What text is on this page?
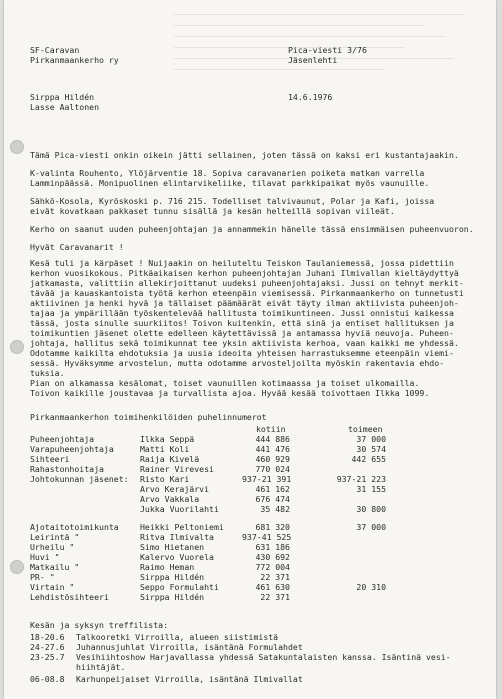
SF-Caravan
Pirkanmaankerho ry
Pica-viesti 3/76
Jäsenlehti
Sirppa Hildén
Lasse Aaltonen
14.6.1976
Tämä Pica-viesti onkin oikein jätti sellainen, joten tässä on kaksi eri kustantajaakin.
K-valinta Rouhento, Ylöjärventie 18. Sopiva caravanarien poiketa matkan varrella
Lamminpäässä. Monipuolinen elintarvikeliike, tilavat parkkipaikat myös vaunuille.
Sähkö-Kosola, Kyröskoski p. 716 215. Todelliset talvivaunut, Polar ja Kafi, joissa
eivät kovatkaan pakkaset tunnu sisällä ja kesän helteillä sopivan viileät.
Kerho on saanut uuden puheenjohtajan ja annammekin hänelle tässä ensimmäisen puheenvuoron.
Hyvät Caravanarit !
Kesä tuli ja kärpäset ! Nuijaakin on heiluteltu Teiskon Taulaniemessä, jossa pidettiin
kerhon vuosikokous. Pitkäaikaisen kerhon puheenjohtajan Juhani Ilmivallan kieltäydyttyä
jatkamasta, valittiin allekirjoittanut uudeksi puheenjohtajaksi. Jussi on tehnyt merkit-
tävää ja kauaskantoista työtä kerhon eteenpäin viemisessä. Pirkanmaankerho on tunnetusti
aktiivinen ja henki hyvä ja tällaiset päämäärät eivät täyty ilman aktiivista puheenjoh-
tajaa ja ympärillään työskentelevää hallitusta toimikuntineen. Jussi onnistui kaikessa
tässä, josta sinulle suurkiitos! Toivon kuitenkin, että sinä ja entiset hallituksen ja
toimikuntien jäsenet olette edelleen käytettävissä ja antamassa hyviä neuvoja. Puheen-
johtaja, hallitus sekä toimikunnat tee yksin aktiivista kerhoa, vaan kaikki me yhdessä.
Odotamme kaikilta ehdotuksia ja uusia ideoita yhteisen harrastuksemme eteenpäin viemi-
sessä. Hyväksymme arvostelun, mutta odotamme arvosteljoilta myöskin rakentavia ehdo-
tuksia.
Pian on alkamassa kesälomat, toiset vaunuillen kotimaassa ja toiset ulkomailla.
Toivon kaikille joustavaa ja turvallista ajoa. Hyvää kesää toivottaen Ilkka 1099.
Pirkanmaankerhon toimihenkilöiden puhelinnumerot
kotiin	toimeen
Puheenjohtaja	Ilkka Seppä	444 886	37 000
Varapuheenjohtaja	Matti Koli	441 476	30 574
Sihteeri	Raija Kivelä	460 929	442 655
Rahastonhoitaja	Rainer Virevesi	770 024
Johtokunnan jäsenet: Risto Kari	937-21 391	937-21 223
Arvo Kerajärvi	461 162	31 155
Arvo Vakkala	676 474
Jukka Vuorilahti	35 482	30 800
Ajotaitotoimikunta	Heikki Peltoniemi	681 320	37 000
Leirintä "	Ritva Ilmivalta	937-41 525
Urheilu "	Simo Hietanen	631 186
Huvi "	Kalervo Vuorela	430 692
Matkailu "	Raimo Heman	772 004
PR- "	Sirppa Hildén	22 371
Virtain "	Seppo Formulahti	461 630	20 310
Lehdistösihteeri	Sirppa Hildén	22 371
Kesän ja syksyn treffilista:
18-20.6 Talkooretki Virroilla, alueen siistimistä
24-27.6 Juhannusjuhlat Virroilla, isäntänä Formulahdet
23-25.7 Vesihiihtoshow Harjavallassa yhdessä Satakuntalaisten kanssa. Isäntinä vesi-
hiihtäjät.
06-08.8 Karhunpeijaiset Virroilla, isäntänä Ilmivallat
